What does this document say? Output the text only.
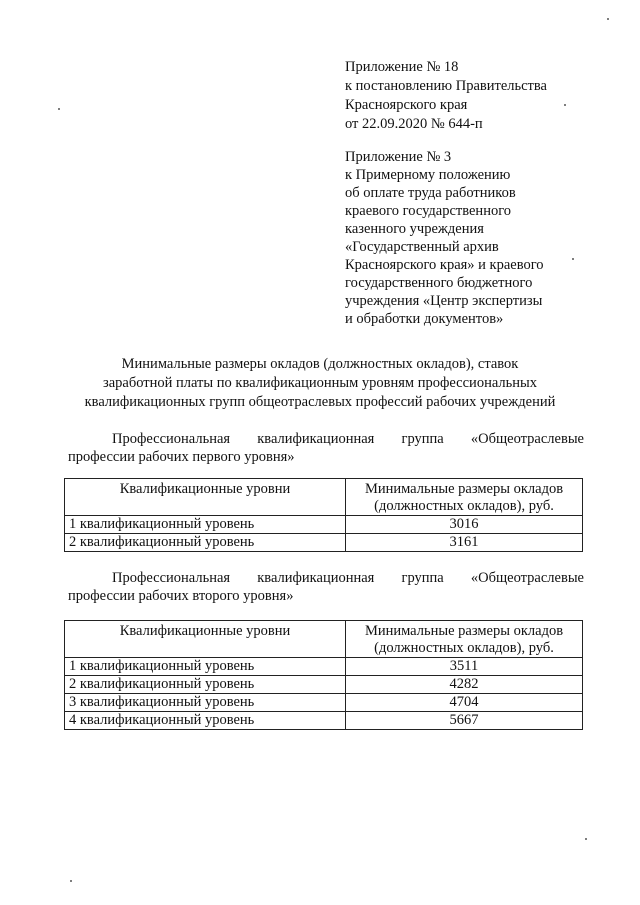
Приложение № 18
к постановлению Правительства
Красноярского края
от 22.09.2020 № 644-п
Приложение № 3
к Примерному положению
об оплате труда работников
краевого государственного
казенного учреждения
«Государственный архив
Красноярского края» и краевого
государственного бюджетного
учреждения «Центр экспертизы
и обработки документов»
Минимальные размеры окладов (должностных окладов), ставок
заработной платы по квалификационным уровням профессиональных
квалификационных групп общеотраслевых профессий рабочих учреждений
Профессиональная квалификационная группа «Общеотраслевые
профессии рабочих первого уровня»
Квалификационные уровни	Минимальные размеры окладов
(должностных окладов), руб.
1 квалификационный уровень	3016
2 квалификационный уровень	3161
Профессиональная квалификационная группа «Общеотраслевые
профессии рабочих второго уровня»
Квалификационные уровни	Минимальные размеры окладов
(должностных окладов), руб.
1 квалификационный уровень	3511
2 квалификационный уровень	4282
3 квалификационный уровень	4704
4 квалификационный уровень	5667
